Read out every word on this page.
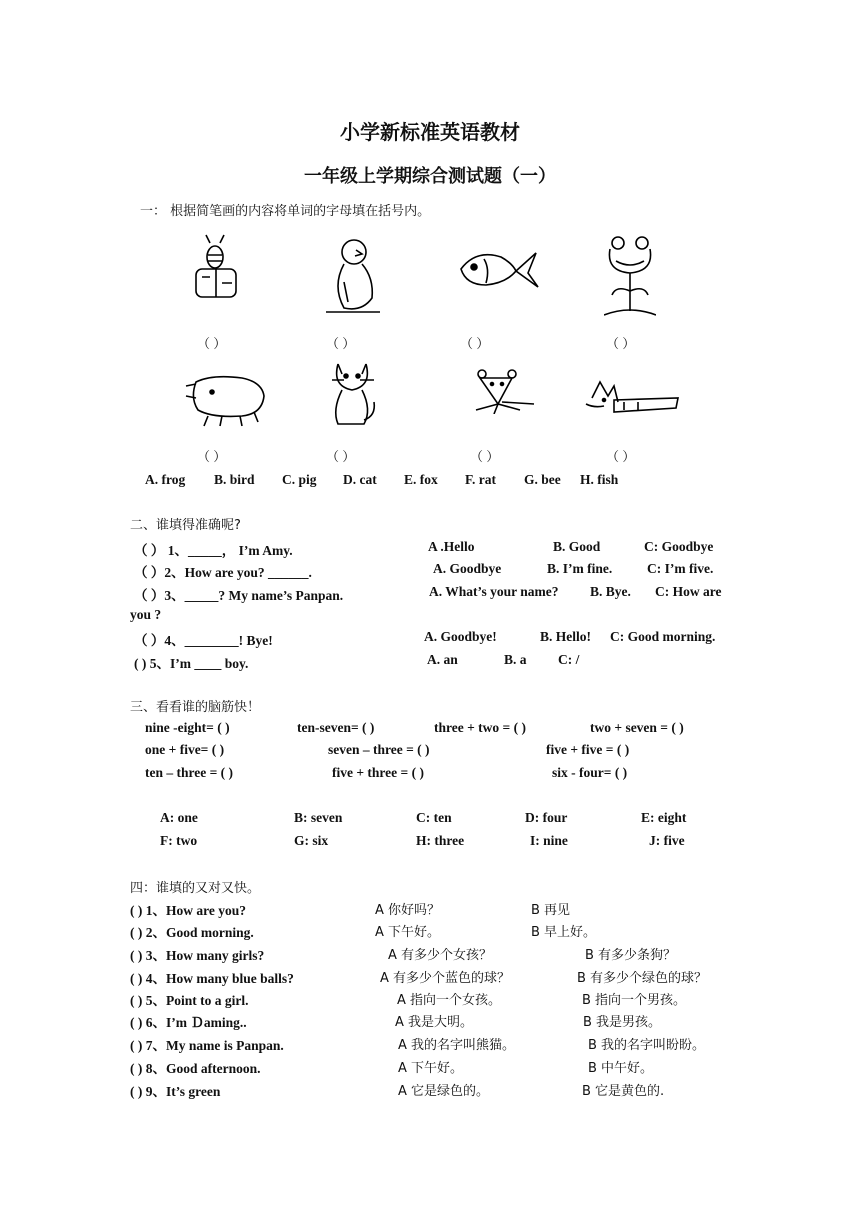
小学新标准英语教材
一年级上学期综合测试题（一）
一： 根据简笔画的内容将单词的字母填在括号内。
（ ）	（ ）	（ ）	（ ）
（ ）	（ ）	（ ）	（ ）
A. frog B. bird C. pig D. cat E. fox F. rat G. bee H. fish
二、谁填得准确呢?
（ ） 1、_____， I’m Amy.	A .Hello	B. Good	C: Goodbye
（ ）2、How are you? ______.	A. Goodbye	B. I’m fine.	C: I’m five.
（ ）3、_____? My name’s Panpan.	A. What’s your name? B. Bye. C: How are
you ?
（ ）4、________! Bye!	A. Goodbye!	B. Hello! C: Good morning.
( ) 5、I’m ____ boy.	A. an	B. a C: /
三、看看谁的脑筋快！
nine -eight= ( )	ten-seven= ( )	three + two = ( )	two + seven = ( )
one + five= ( )	seven – three = ( )	five + five = ( )
ten – three = ( )	five + three = ( )	six - four= ( )
A: one	B: seven	C: ten	D: four	E: eight
F: two	G: six	H: three	I: nine	J: five
四：谁填的又对又快。
( ) 1、How are you?	A 你好吗？	B 再见
( ) 2、Good morning.	A 下午好。	B 早上好。
( ) 3、How many girls?	A 有多少个女孩？	B 有多少条狗？
( ) 4、How many blue balls?	A 有多少个蓝色的球？	B 有多少个绿色的球？
( ) 5、Point to a girl.	A 指向一个女孩。	B 指向一个男孩。
( ) 6、I’m Ｄaming..	A 我是大明。	B 我是男孩。
( ) 7、My name is Panpan.	A 我的名字叫熊猫。	B 我的名字叫盼盼。
( ) 8、Good afternoon.	A 下午好。	B 中午好。
( ) 9、It’s green	A 它是绿色的。	B 它是黄色的.
